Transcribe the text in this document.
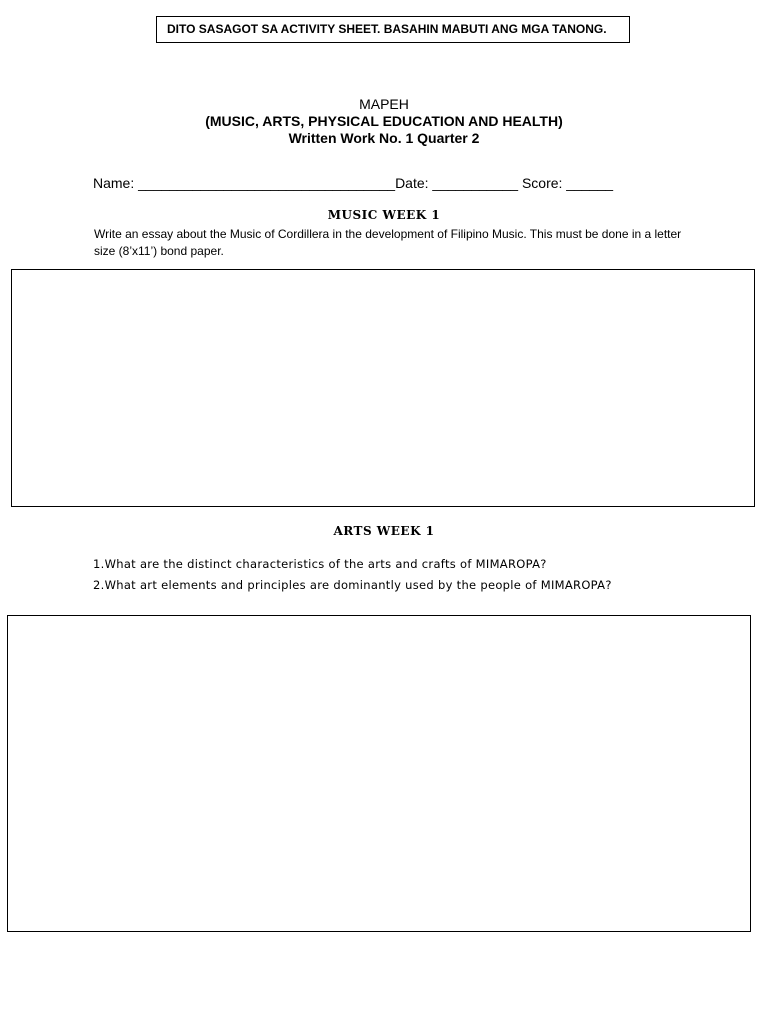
DITO SASAGOT SA ACTIVITY SHEET. BASAHIN MABUTI ANG MGA TANONG.
MAPEH
(MUSIC, ARTS, PHYSICAL EDUCATION AND HEALTH)
Written Work No. 1 Quarter 2
Name: _________________________________Date: ___________ Score: ______
MUSIC WEEK 1
Write an essay about the Music of Cordillera in the development of Filipino Music. This must be done in a letter size (8’x11’) bond paper.
ARTS WEEK 1
1.What are the distinct characteristics of the arts and crafts of MIMAROPA?
2.What art elements and principles are dominantly used by the people of MIMAROPA?
